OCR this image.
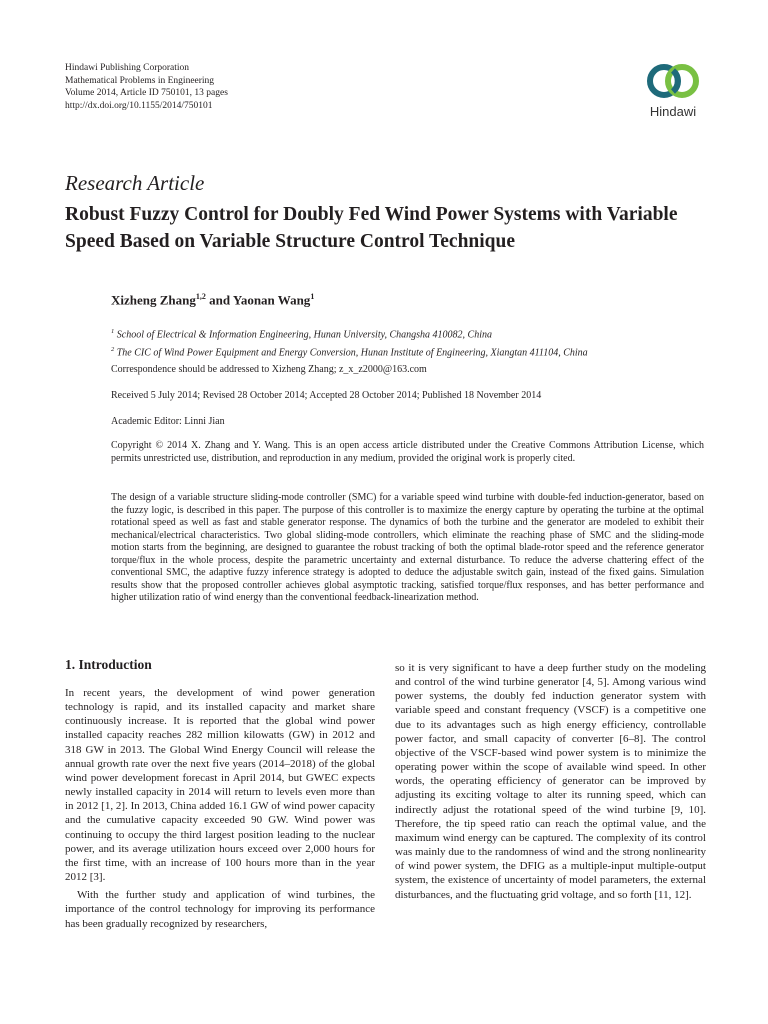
Hindawi Publishing Corporation
Mathematical Problems in Engineering
Volume 2014, Article ID 750101, 13 pages
http://dx.doi.org/10.1155/2014/750101	Hindawi
Research Article
Robust Fuzzy Control for Doubly Fed Wind Power Systems with Variable Speed Based on Variable Structure Control Technique
Xizheng Zhang$^{1,2}$ and Yaonan Wang$^1$
$^1$ School of Electrical & Information Engineering, Hunan University, Changsha 410082, China
$^2$ The CIC of Wind Power Equipment and Energy Conversion, Hunan Institute of Engineering, Xiangtan 411104, China
Correspondence should be addressed to Xizheng Zhang; z_x_z2000@163.com
Received 5 July 2014; Revised 28 October 2014; Accepted 28 October 2014; Published 18 November 2014
Academic Editor: Linni Jian
Copyright © 2014 X. Zhang and Y. Wang. This is an open access article distributed under the Creative Commons Attribution License, which permits unrestricted use, distribution, and reproduction in any medium, provided the original work is properly cited.
The design of a variable structure sliding-mode controller (SMC) for a variable speed wind turbine with double-fed induction-generator, based on the fuzzy logic, is described in this paper. The purpose of this controller is to maximize the energy capture by operating the turbine at the optimal rotational speed as well as fast and stable generator response. The dynamics of both the turbine and the generator are modeled to exhibit their mechanical/electrical characteristics. Two global sliding-mode controllers, which eliminate the reaching phase of SMC and the sliding-mode motion starts from the beginning, are designed to guarantee the robust tracking of both the optimal blade-rotor speed and the reference generator torque/flux in the whole process, despite the parametric uncertainty and external disturbance. To reduce the adverse chattering effect of the conventional SMC, the adaptive fuzzy inference strategy is adopted to deduce the adjustable switch gain, instead of the fixed gains. Simulation results show that the proposed controller achieves global asymptotic tracking, satisfied torque/flux responses, and has better performance and higher utilization ratio of wind energy than the conventional feedback-linearization method.
1. Introduction

In recent years, the development of wind power generation technology is rapid, and its installed capacity and market share continuously increase. It is reported that the global wind power installed capacity reaches 282 million kilowatts (GW) in 2012 and 318 GW in 2013. The Global Wind Energy Council will release the annual growth rate over the next five years (2014–2018) of the global wind power development forecast in April 2014, but GWEC expects newly installed capacity in 2014 will return to levels even more than in 2012 [1, 2]. In 2013, China added 16.1 GW of wind power capacity and the cumulative capacity exceeded 90 GW. Wind power was continuing to occupy the third largest position leading to the nuclear power, and its average utilization hours exceed over 2,000 hours for the first time, with an increase of 100 hours more than in the year 2012 [3].

With the further study and application of wind turbines, the importance of the control technology for improving its performance has been gradually recognized by researchers,

so it is very significant to have a deep further study on the modeling and control of the wind turbine generator [4, 5]. Among various wind power systems, the doubly fed induction generator system with variable speed and constant frequency (VSCF) is a competitive one due to its advantages such as high energy efficiency, controllable power factor, and small capacity of converter [6–8]. The control objective of the VSCF-based wind power system is to minimize the operating power within the scope of available wind speed. In other words, the operating efficiency of generator can be improved by adjusting its exciting voltage to alter its running speed, which can indirectly adjust the rotational speed of the wind turbine [9, 10]. Therefore, the tip speed ratio can reach the optimal value, and the maximum wind energy can be captured. The complexity of its control was mainly due to the randomness of wind and the strong nonlinearity of wind power system, the DFIG as a multiple-input multiple-output system, the existence of uncertainty of model parameters, the external disturbances, and the fluctuating grid voltage, and so forth [11, 12].
